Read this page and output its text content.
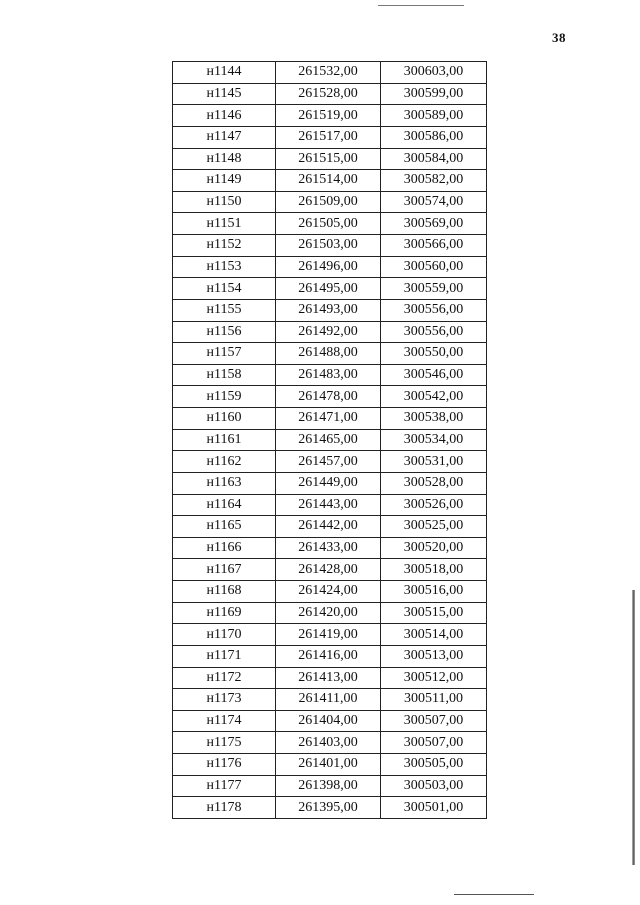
38
н1144	261532,00	300603,00
н1145	261528,00	300599,00
н1146	261519,00	300589,00
н1147	261517,00	300586,00
н1148	261515,00	300584,00
н1149	261514,00	300582,00
н1150	261509,00	300574,00
н1151	261505,00	300569,00
н1152	261503,00	300566,00
н1153	261496,00	300560,00
н1154	261495,00	300559,00
н1155	261493,00	300556,00
н1156	261492,00	300556,00
н1157	261488,00	300550,00
н1158	261483,00	300546,00
н1159	261478,00	300542,00
н1160	261471,00	300538,00
н1161	261465,00	300534,00
н1162	261457,00	300531,00
н1163	261449,00	300528,00
н1164	261443,00	300526,00
н1165	261442,00	300525,00
н1166	261433,00	300520,00
н1167	261428,00	300518,00
н1168	261424,00	300516,00
н1169	261420,00	300515,00
н1170	261419,00	300514,00
н1171	261416,00	300513,00
н1172	261413,00	300512,00
н1173	261411,00	300511,00
н1174	261404,00	300507,00
н1175	261403,00	300507,00
н1176	261401,00	300505,00
н1177	261398,00	300503,00
н1178	261395,00	300501,00
